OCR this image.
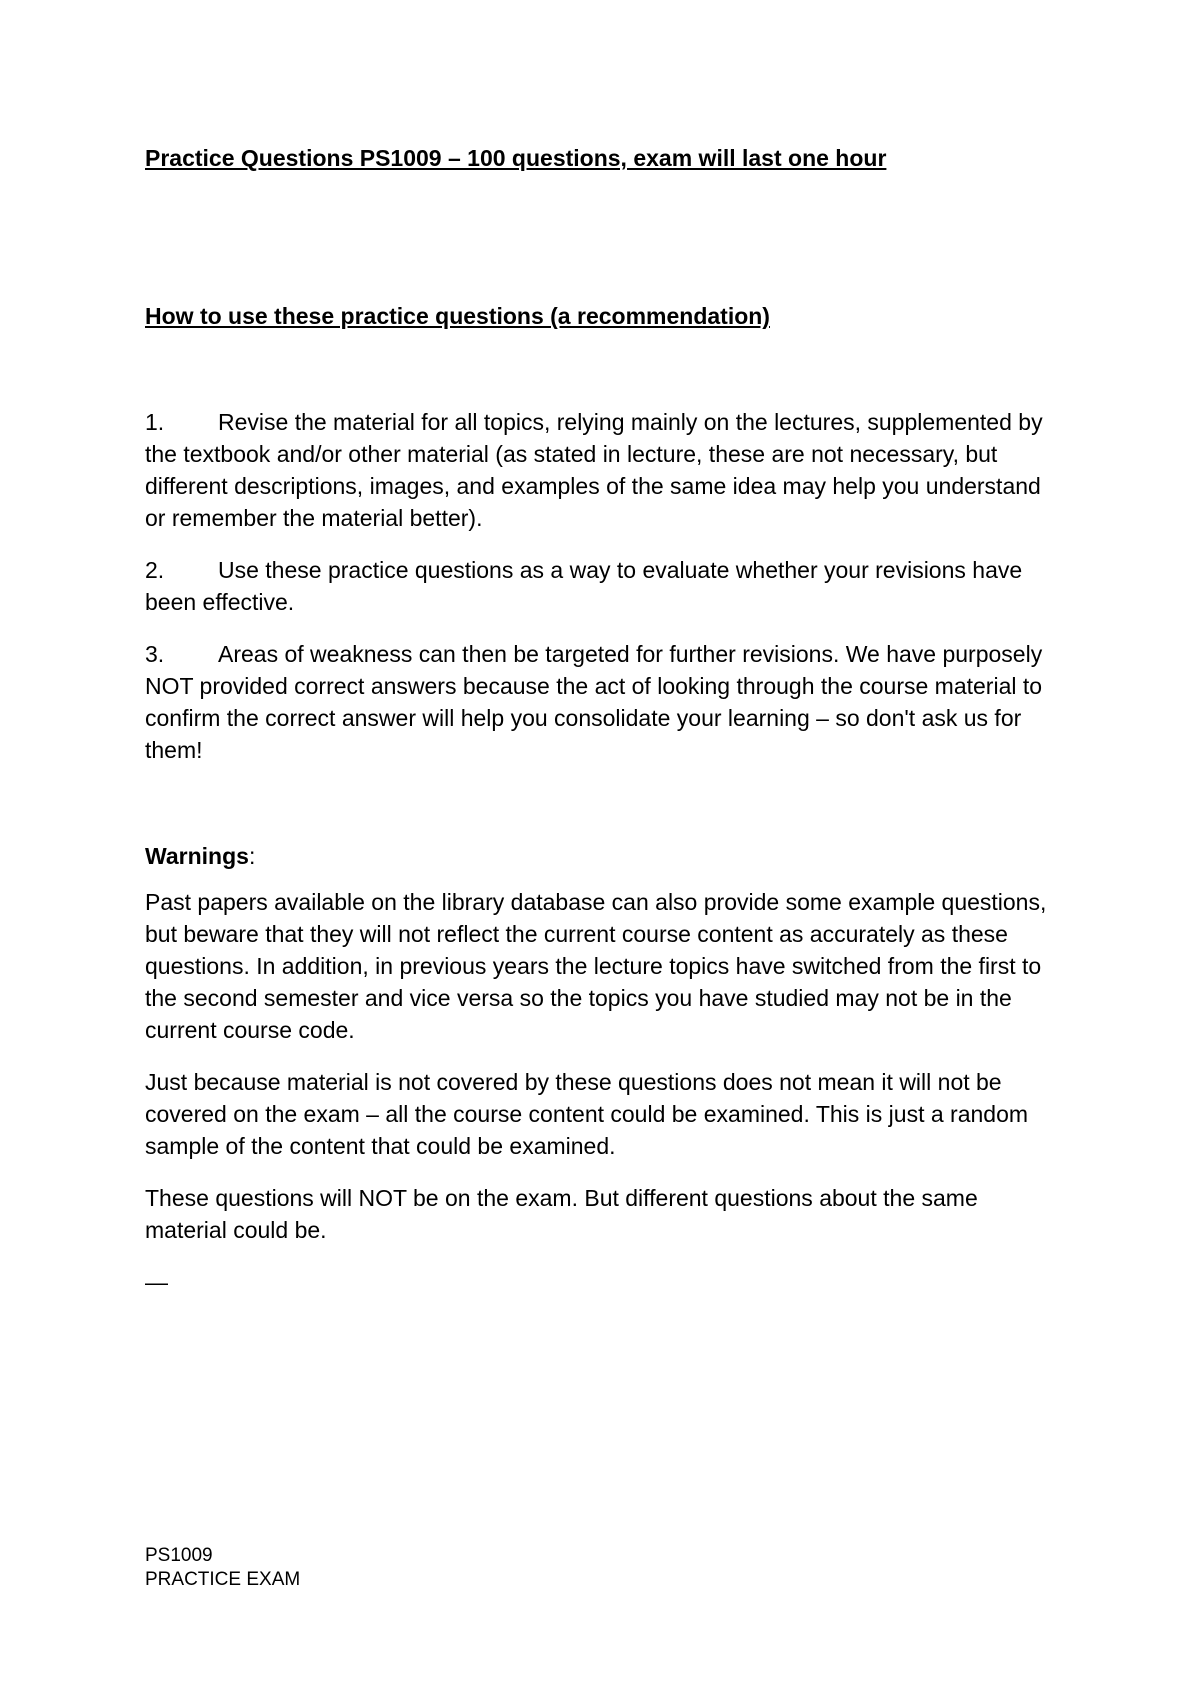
Practice Questions PS1009 – 100 questions, exam will last one hour

How to use these practice questions (a recommendation)

1. Revise the material for all topics, relying mainly on the lectures, supplemented by the textbook and/or other material (as stated in lecture, these are not necessary, but different descriptions, images, and examples of the same idea may help you understand or remember the material better).
2. Use these practice questions as a way to evaluate whether your revisions have been effective.
3. Areas of weakness can then be targeted for further revisions. We have purposely NOT provided correct answers because the act of looking through the course material to confirm the correct answer will help you consolidate your learning – so don't ask us for them!

Warnings:

Past papers available on the library database can also provide some example questions, but beware that they will not reflect the current course content as accurately as these questions. In addition, in previous years the lecture topics have switched from the first to the second semester and vice versa so the topics you have studied may not be in the current course code.

Just because material is not covered by these questions does not mean it will not be covered on the exam – all the course content could be examined. This is just a random sample of the content that could be examined.

These questions will NOT be on the exam. But different questions about the same material could be.

—

PS1009
PRACTICE EXAM
